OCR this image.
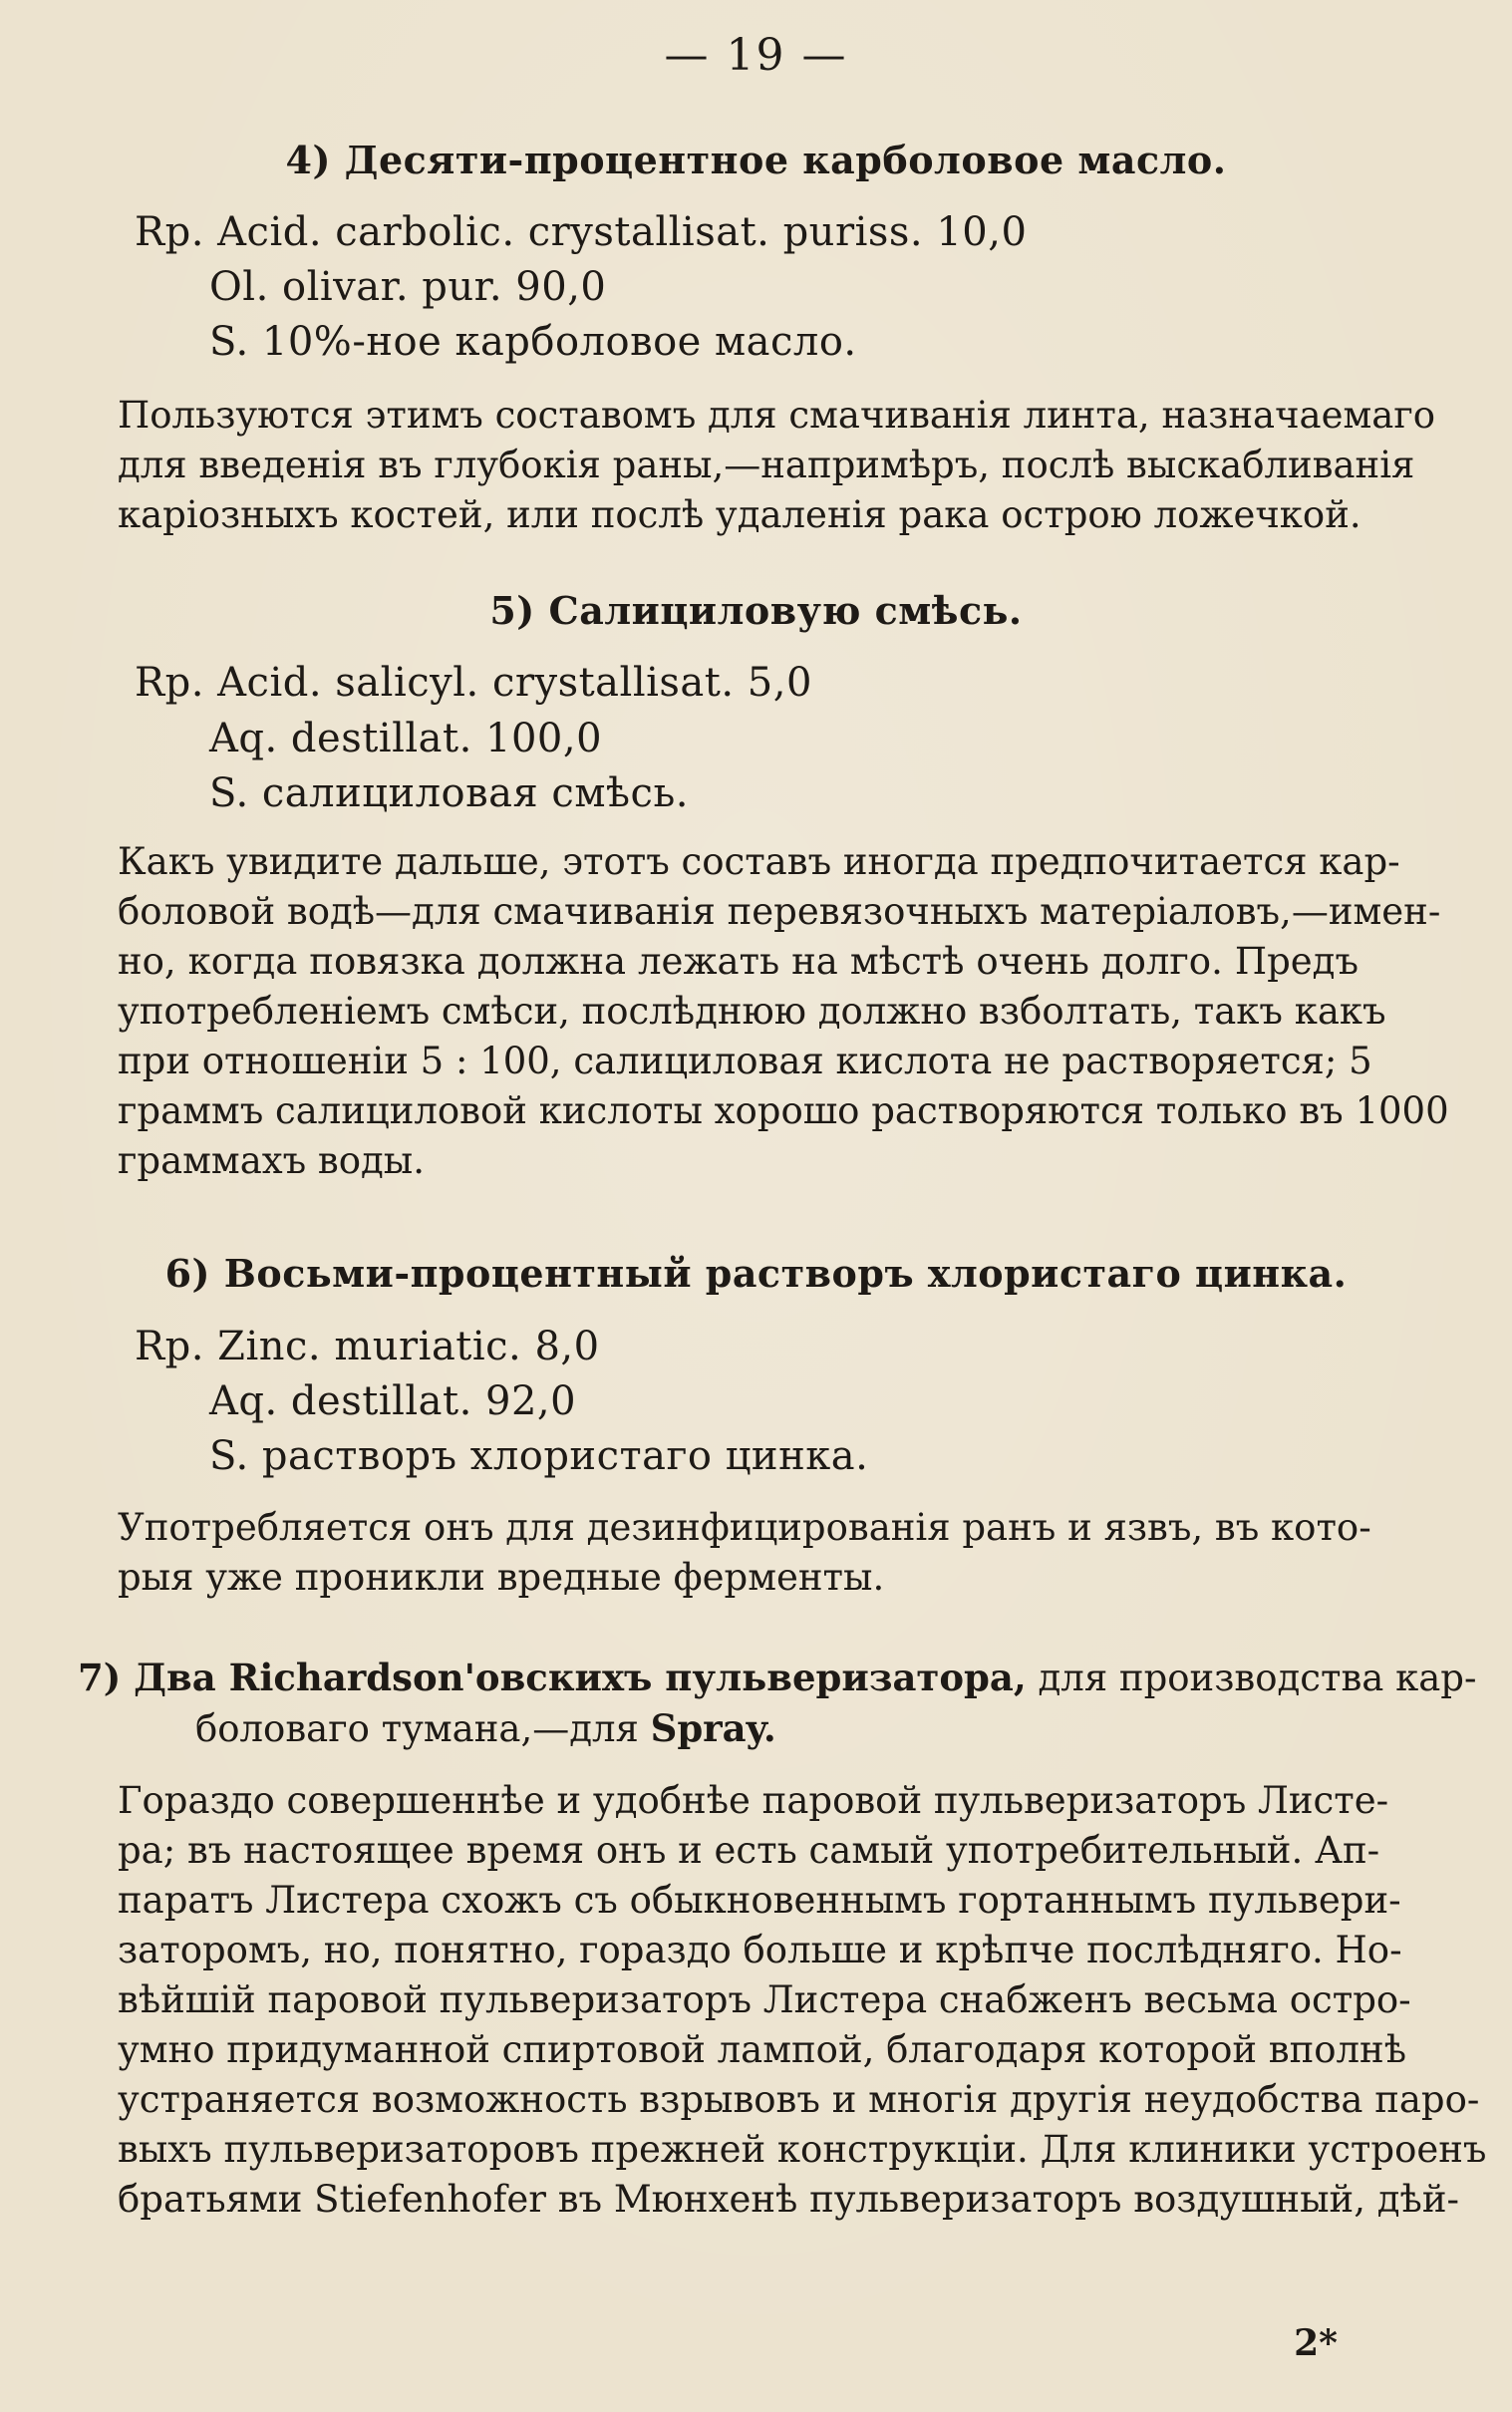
— 19 —
4) Десяти-процентное карболовое масло.
Rp. Acid. carbolic. crystallisat. puriss. 10,0
Ol. olivar. pur. 90,0
S. 10%-ное карболовое масло.
Пользуются этимъ составомъ для смачиванія линта, назначаемаго
для введенія въ глубокія раны,—напримѣръ, послѣ выскабливанія
каріозныхъ костей, или послѣ удаленія рака острою ложечкой.
5) Салициловую смѣсь.
Rp. Acid. salicyl. crystallisat. 5,0
Aq. destillat. 100,0
S. салициловая смѣсь.
Какъ увидите дальше, этотъ составъ иногда предпочитается кар-
боловой водѣ—для смачиванія перевязочныхъ матеріаловъ,—имен-
но, когда повязка должна лежать на мѣстѣ очень долго. Предъ
употребленіемъ смѣси, послѣднюю должно взболтать, такъ какъ
при отношеніи 5 : 100, салициловая кислота не растворяется; 5
граммъ салициловой кислоты хорошо растворяются только въ 1000
граммахъ воды.
6) Восьми-процентный растворъ хлористаго цинка.
Rp. Zinc. muriatic. 8,0
Aq. destillat. 92,0
S. растворъ хлористаго цинка.
Употребляется онъ для дезинфицированія ранъ и язвъ, въ кото-
рыя уже проникли вредные ферменты.
7) Два Richardson'овскихъ пульверизатора, для производства кар-
боловаго тумана,—для Spray.
Гораздо совершеннѣе и удобнѣе паровой пульверизаторъ Листе-
ра; въ настоящее время онъ и есть самый употребительный. Ап-
паратъ Листера схожъ съ обыкновеннымъ гортаннымъ пульвери-
заторомъ, но, понятно, гораздо больше и крѣпче послѣдняго. Но-
вѣйшій паровой пульверизаторъ Листера снабженъ весьма остро-
умно придуманной спиртовой лампой, благодаря которой вполнѣ
устраняется возможность взрывовъ и многія другія неудобства паро-
выхъ пульверизаторовъ прежней конструкціи. Для клиники устроенъ
братьями Stiefenhofer въ Мюнхенѣ пульверизаторъ воздушный, дѣй-
2*
